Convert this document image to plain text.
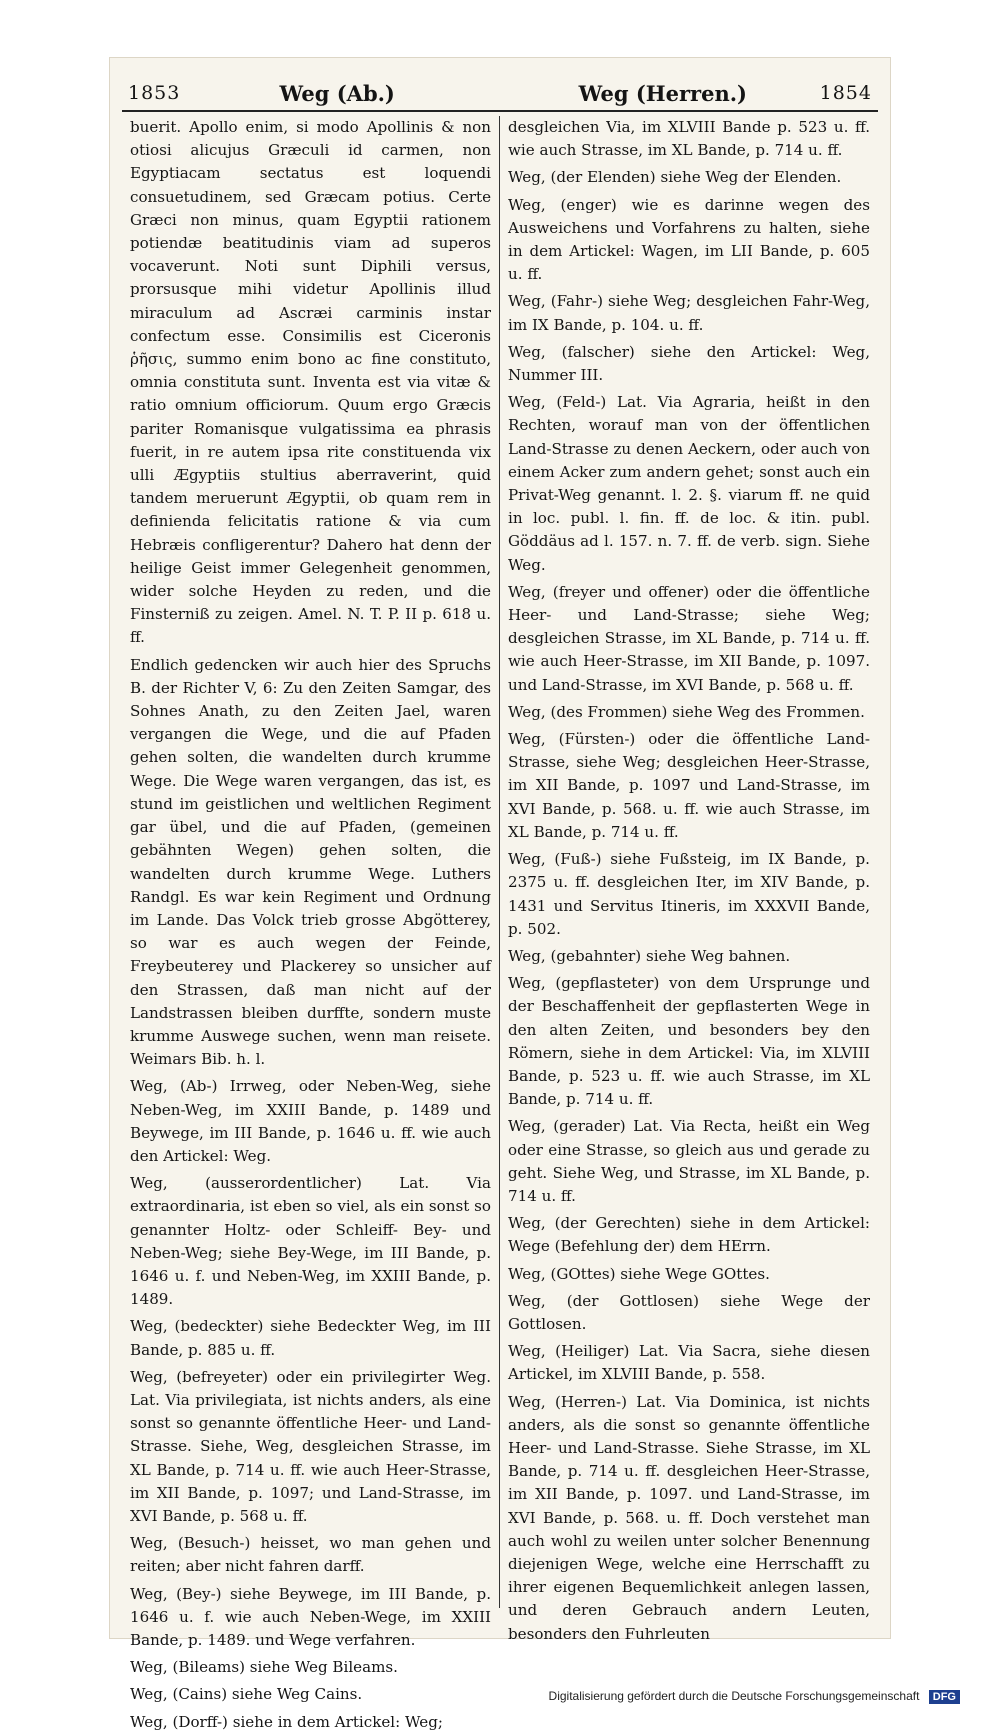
1853	Weg (Ab.)	Weg (Herren.)	1854

buerit. Apollo enim, si modo Apollinis & non otiosi alicujus Græculi id carmen, non Egyptiacam sectatus est loquendi consuetudinem, sed Græcam potius. Certe Græci non minus, quam Egyptii rationem potiendæ beatitudinis viam ad superos vocaverunt. Noti sunt Diphili versus, prorsusque mihi videtur Apollinis illud miraculum ad Ascræi carminis instar confectum esse. Consimilis est Ciceronis ῥῆσις, summo enim bono ac fine constituto, omnia constituta sunt. Inventa est via vitæ & ratio omnium officiorum. Quum ergo Græcis pariter Romanisque vulgatissima ea phrasis fuerit, in re autem ipsa rite constituenda vix ulli Ægyptiis stultius aberraverint, quid tandem meruerunt Ægyptii, ob quam rem in definienda felicitatis ratione & via cum Hebræis confligerentur? Dahero hat denn der heilige Geist immer Gelegenheit genommen, wider solche Heyden zu reden, und die Finsterniß zu zeigen. Amel. N. T. P. II p. 618 u. ff.

Endlich gedencken wir auch hier des Spruchs B. der Richter V, 6: Zu den Zeiten Samgar, des Sohnes Anath, zu den Zeiten Jael, waren vergangen die Wege, und die auf Pfaden gehen solten, die wandelten durch krumme Wege. Die Wege waren vergangen, das ist, es stund im geistlichen und weltlichen Regiment gar übel, und die auf Pfaden, (gemeinen gebähnten Wegen) gehen solten, die wandelten durch krumme Wege. Luthers Randgl. Es war kein Regiment und Ordnung im Lande. Das Volck trieb grosse Abgötterey, so war es auch wegen der Feinde, Freybeuterey und Plackerey so unsicher auf den Strassen, daß man nicht auf der Landstrassen bleiben durffte, sondern muste krumme Auswege suchen, wenn man reisete. Weimars Bib. h. l.

Weg, (Ab-) Irrweg, oder Neben-Weg, siehe Neben-Weg, im XXIII Bande, p. 1489 und Beywege, im III Bande, p. 1646 u. ff. wie auch den Artickel: Weg.

Weg, (ausserordentlicher) Lat. Via extraordinaria, ist eben so viel, als ein sonst so genannter Holtz- oder Schleiff- Bey- und Neben-Weg; siehe Bey-Wege, im III Bande, p. 1646 u. f. und Neben-Weg, im XXIII Bande, p. 1489.

Weg, (bedeckter) siehe Bedeckter Weg, im III Bande, p. 885 u. ff.

Weg, (befreyeter) oder ein privilegirter Weg. Lat. Via privilegiata, ist nichts anders, als eine sonst so genannte öffentliche Heer- und Land-Strasse. Siehe, Weg, desgleichen Strasse, im XL Bande, p. 714 u. ff. wie auch Heer-Strasse, im XII Bande, p. 1097; und Land-Strasse, im XVI Bande, p. 568 u. ff.

Weg, (Besuch-) heisset, wo man gehen und reiten; aber nicht fahren darff.

Weg, (Bey-) siehe Beywege, im III Bande, p. 1646 u. f. wie auch Neben-Wege, im XXIII Bande, p. 1489. und Wege verfahren.

Weg, (Bileams) siehe Weg Bileams.

Weg, (Cains) siehe Weg Cains.

Weg, (Dorff-) siehe in dem Artickel: Weg;

desgleichen Via, im XLVIII Bande p. 523 u. ff. wie auch Strasse, im XL Bande, p. 714 u. ff.

Weg, (der Elenden) siehe Weg der Elenden.

Weg, (enger) wie es darinne wegen des Ausweichens und Vorfahrens zu halten, siehe in dem Artickel: Wagen, im LII Bande, p. 605 u. ff.

Weg, (Fahr-) siehe Weg; desgleichen Fahr-Weg, im IX Bande, p. 104. u. ff.

Weg, (falscher) siehe den Artickel: Weg, Nummer III.

Weg, (Feld-) Lat. Via Agraria, heißt in den Rechten, worauf man von der öffentlichen Land-Strasse zu denen Aeckern, oder auch von einem Acker zum andern gehet; sonst auch ein Privat-Weg genannt. l. 2. §. viarum ff. ne quid in loc. publ. l. fin. ff. de loc. & itin. publ. Göddäus ad l. 157. n. 7. ff. de verb. sign. Siehe Weg.

Weg, (freyer und offener) oder die öffentliche Heer- und Land-Strasse; siehe Weg; desgleichen Strasse, im XL Bande, p. 714 u. ff. wie auch Heer-Strasse, im XII Bande, p. 1097. und Land-Strasse, im XVI Bande, p. 568 u. ff.

Weg, (des Frommen) siehe Weg des Frommen.

Weg, (Fürsten-) oder die öffentliche Land-Strasse, siehe Weg; desgleichen Heer-Strasse, im XII Bande, p. 1097 und Land-Strasse, im XVI Bande, p. 568. u. ff. wie auch Strasse, im XL Bande, p. 714 u. ff.

Weg, (Fuß-) siehe Fußsteig, im IX Bande, p. 2375 u. ff. desgleichen Iter, im XIV Bande, p. 1431 und Servitus Itineris, im XXXVII Bande, p. 502.

Weg, (gebahnter) siehe Weg bahnen.

Weg, (gepflasteter) von dem Ursprunge und der Beschaffenheit der gepflasterten Wege in den alten Zeiten, und besonders bey den Römern, siehe in dem Artickel: Via, im XLVIII Bande, p. 523 u. ff. wie auch Strasse, im XL Bande, p. 714 u. ff.

Weg, (gerader) Lat. Via Recta, heißt ein Weg oder eine Strasse, so gleich aus und gerade zu geht. Siehe Weg, und Strasse, im XL Bande, p. 714 u. ff.

Weg, (der Gerechten) siehe in dem Artickel: Wege (Befehlung der) dem HErrn.

Weg, (GOttes) siehe Wege GOttes.

Weg, (der Gottlosen) siehe Wege der Gottlosen.

Weg, (Heiliger) Lat. Via Sacra, siehe diesen Artickel, im XLVIII Bande, p. 558.

Weg, (Herren-) Lat. Via Dominica, ist nichts anders, als die sonst so genannte öffentliche Heer- und Land-Strasse. Siehe Strasse, im XL Bande, p. 714 u. ff. desgleichen Heer-Strasse, im XII Bande, p. 1097. und Land-Strasse, im XVI Bande, p. 568. u. ff. Doch verstehet man auch wohl zu weilen unter solcher Benennung diejenigen Wege, welche eine Herrschafft zu ihrer eigenen Bequemlichkeit anlegen lassen, und deren Gebrauch andern Leuten, besonders den Fuhrleuten

Digitalisierung gefördert durch die Deutsche Forschungsgemeinschaft DFG
